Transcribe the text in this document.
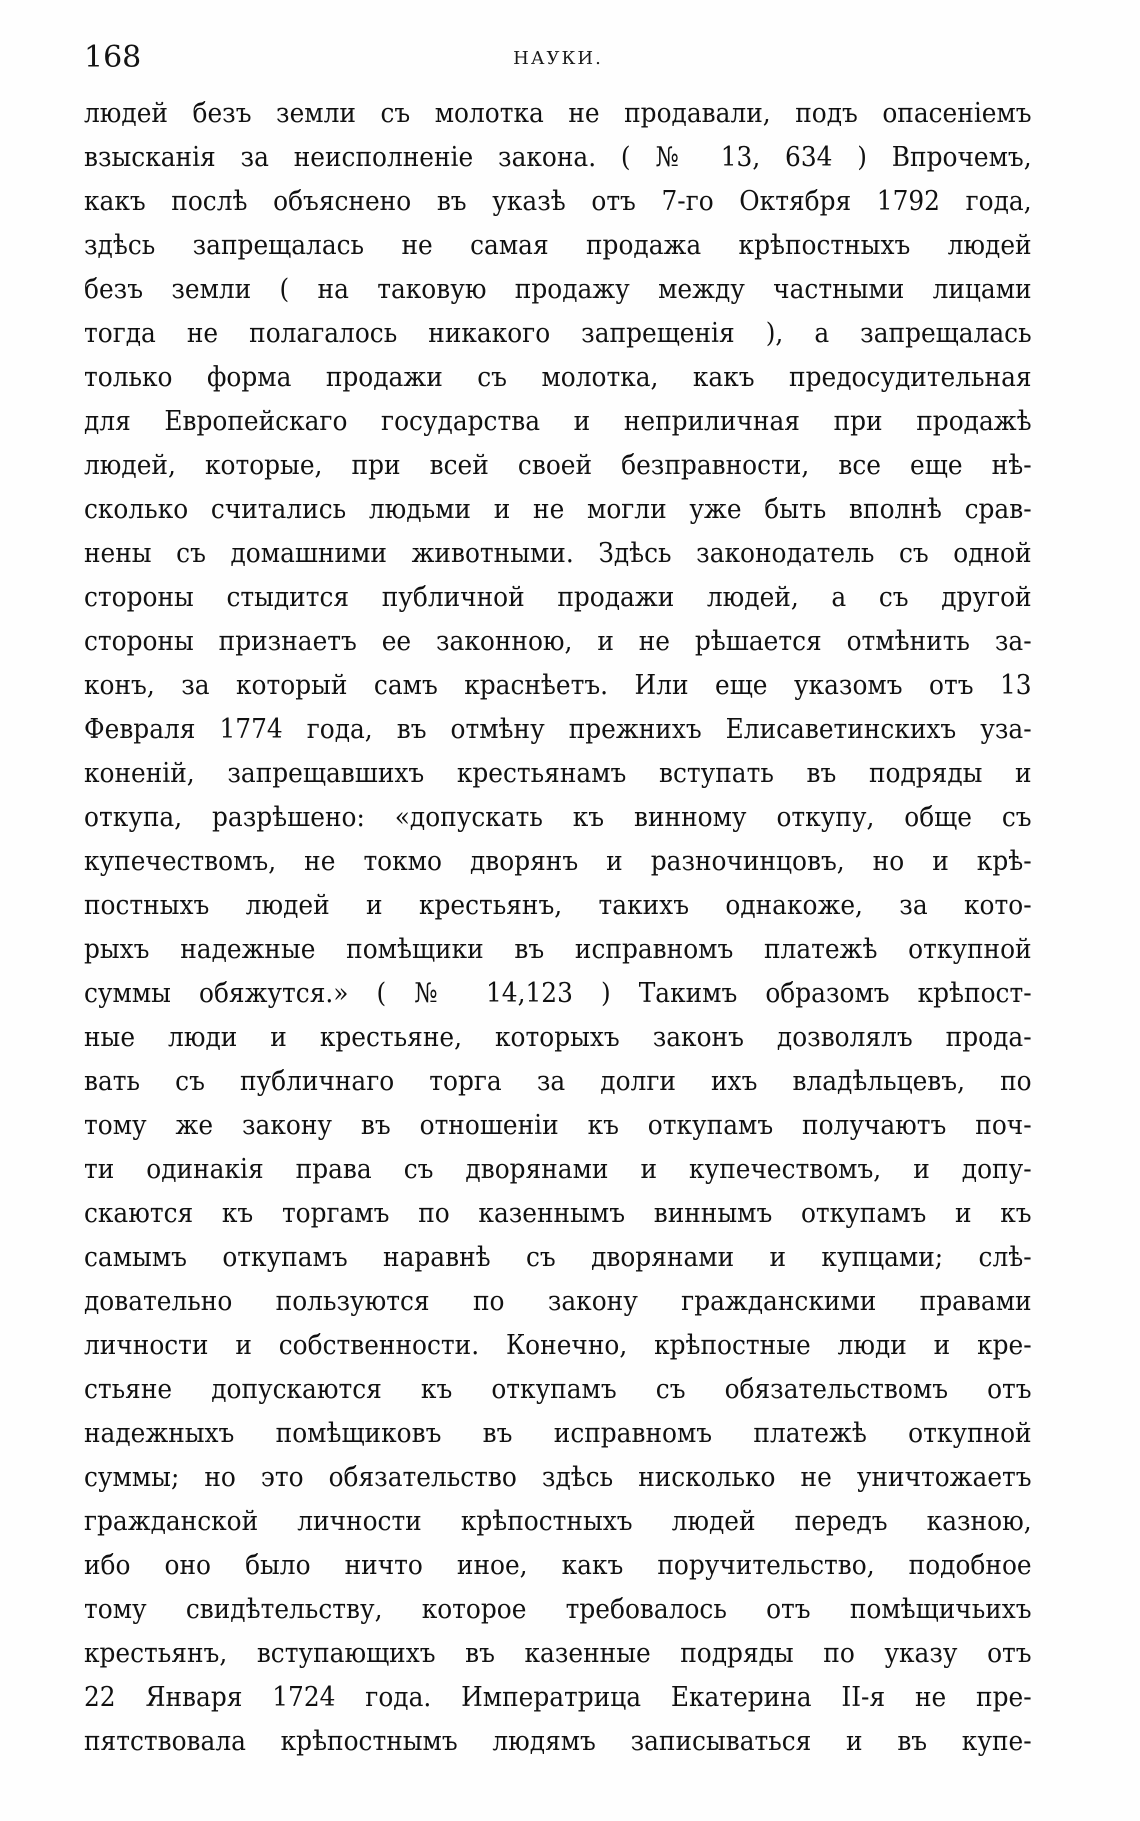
168	НАУКИ.
людей безъ земли съ молотка не продавали, подъ опасеніемъ
взысканія за неисполненіе закона. ( № 13, 634 ) Впрочемъ,
какъ послѣ объяснено въ указѣ отъ 7-го Октября 1792 года,
здѣсь запрещалась не самая продажа крѣпостныхъ людей
безъ земли ( на таковую продажу между частными лицами
тогда не полагалось никакого запрещенія ), а запрещалась
только форма продажи съ молотка, какъ предосудительная
для Европейскаго государства и неприличная при продажѣ
людей, которые, при всей своей безправности, все еще нѣ-
сколько считались людьми и не могли уже быть вполнѣ срав-
нены съ домашними животными. Здѣсь законодатель съ одной
стороны стыдится публичной продажи людей, а съ другой
стороны признаетъ ее законною, и не рѣшается отмѣнить за-
конъ, за который самъ краснѣетъ. Или еще указомъ отъ 13
Февраля 1774 года, въ отмѣну прежнихъ Елисаветинскихъ уза-
коненій, запрещавшихъ крестьянамъ вступать въ подряды и
откупа, разрѣшено: «допускать къ винному откупу, обще съ
купечествомъ, не токмо дворянъ и разночинцовъ, но и крѣ-
постныхъ людей и крестьянъ, такихъ однакоже, за кото-
рыхъ надежные помѣщики въ исправномъ платежѣ откупной
суммы обяжутся.» ( № 14,123 ) Такимъ образомъ крѣпост-
ные люди и крестьяне, которыхъ законъ дозволялъ прода-
вать съ публичнаго торга за долги ихъ владѣльцевъ, по
тому же закону въ отношеніи къ откупамъ получаютъ поч-
ти одинакія права съ дворянами и купечествомъ, и допу-
скаются къ торгамъ по казеннымъ виннымъ откупамъ и къ
самымъ откупамъ наравнѣ съ дворянами и купцами; слѣ-
довательно пользуются по закону гражданскими правами
личности и собственности. Конечно, крѣпостные люди и кре-
стьяне допускаются къ откупамъ съ обязательствомъ отъ
надежныхъ помѣщиковъ въ исправномъ платежѣ откупной
суммы; но это обязательство здѣсь нисколько не уничтожаетъ
гражданской личности крѣпостныхъ людей передъ казною,
ибо оно было ничто иное, какъ поручительство, подобное
тому свидѣтельству, которое требовалось отъ помѣщичьихъ
крестьянъ, вступающихъ въ казенные подряды по указу отъ
22 Января 1724 года. Императрица Екатерина II-я не пре-
пятствовала крѣпостнымъ людямъ записываться и въ купе-
